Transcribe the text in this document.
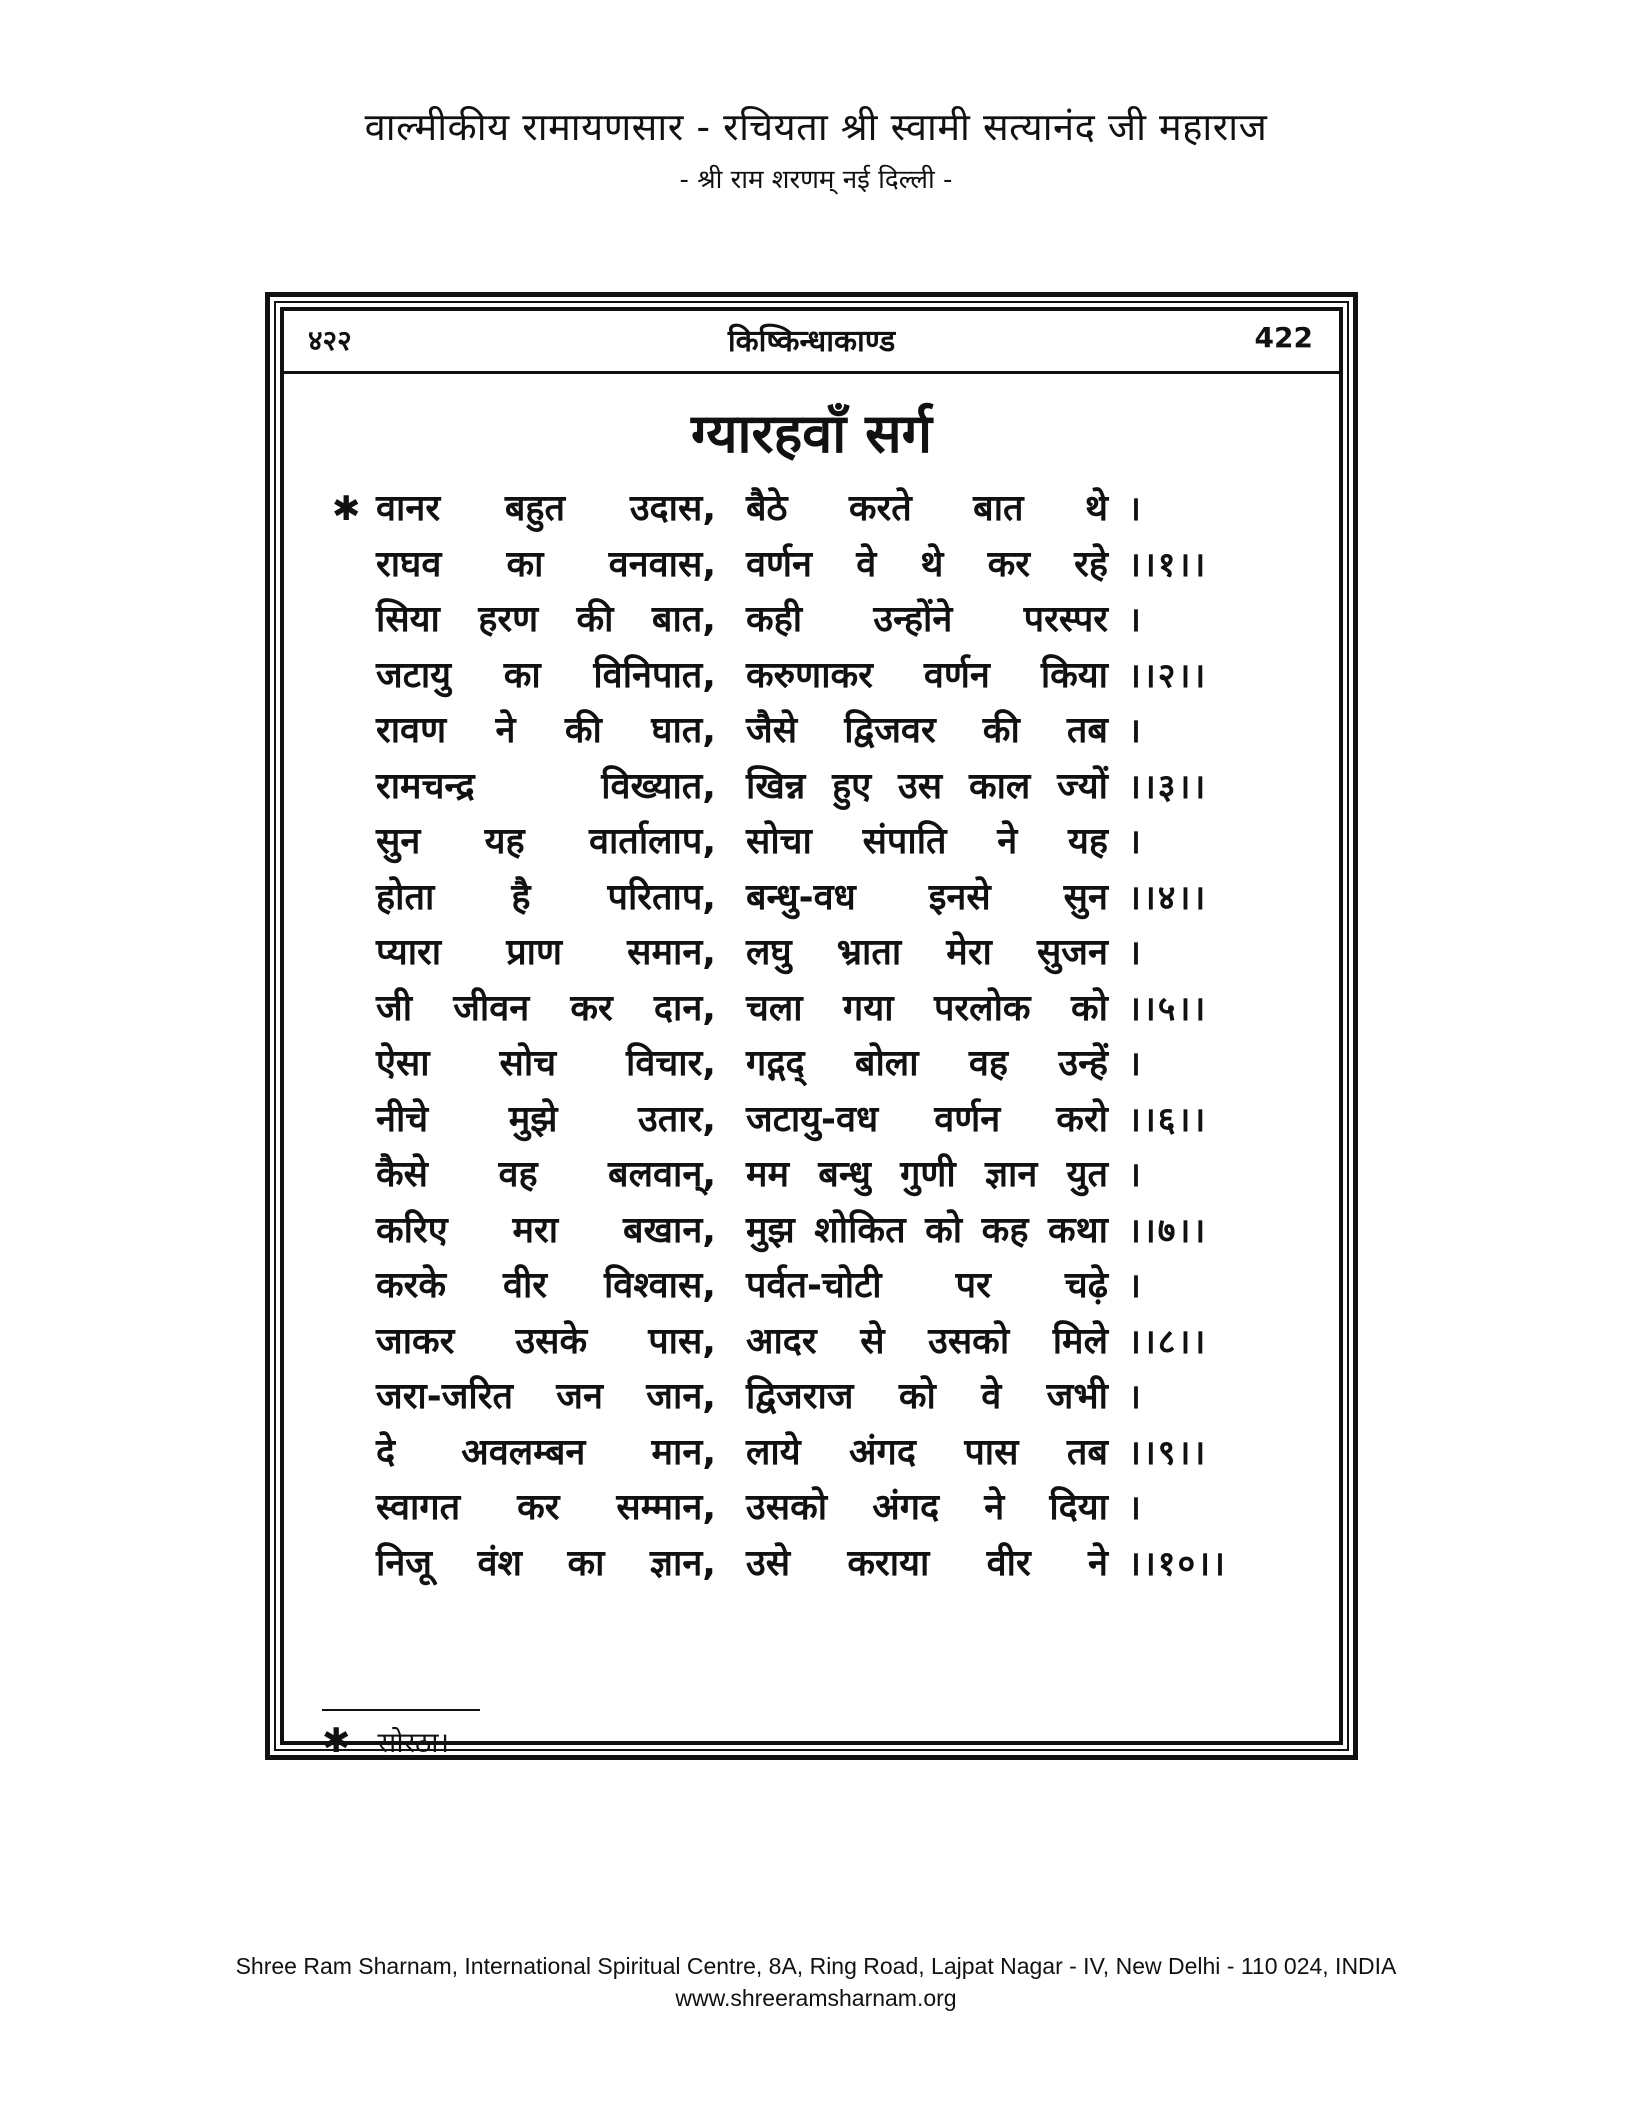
वाल्मीकीय रामायणसार - रचियता श्री स्वामी सत्यानंद जी महाराज
- श्री राम शरणम् नई दिल्ली -
४२२	किष्किन्धाकाण्ड	422
ग्यारहवाँ सर्ग
✱ वानर बहुत उदास, बैठे करते बात थे ।
राघव का वनवास, वर्णन वे थे कर रहे ।।१।।
सिया हरण की बात, कही उन्होंने परस्पर ।
जटायु का विनिपात, करुणाकर वर्णन किया ।।२।।
रावण ने की घात, जैसे द्विजवर की तब ।
रामचन्द्र	विख्यात, खिन्न हुए उस काल ज्यों ।।३।।
सुन यह वार्तालाप, सोचा संपाति ने यह ।
होता है परिताप, बन्धु-वध इनसे सुन ।।४।।
प्यारा प्राण समान, लघु भ्राता मेरा सुजन ।
जी जीवन कर दान, चला गया परलोक को ।।५।।
ऐसा सोच विचार, गद्गद् बोला वह उन्हें ।
नीचे मुझे उतार, जटायु-वध वर्णन करो ।।६।।
कैसे वह बलवान्, मम बन्धु गुणी ज्ञान युत ।
करिए मरा बखान, मुझ शोकित को कह कथा ।।७।।
करके वीर विश्वास, पर्वत-चोटी पर चढ़े ।
जाकर उसके पास, आदर से उसको मिले ।।८।।
जरा-जरित जन जान, द्विजराज को वे जभी ।
दे अवलम्बन मान, लाये अंगद पास तब ।।९।।
स्वागत कर सम्मान, उसको अंगद ने दिया ।
निजू वंश का ज्ञान, उसे कराया वीर ने ।।१०।।
✱ सोरठा।
Shree Ram Sharnam, International Spiritual Centre, 8A, Ring Road, Lajpat Nagar - IV, New Delhi - 110 024, INDIA
www.shreeramsharnam.org
